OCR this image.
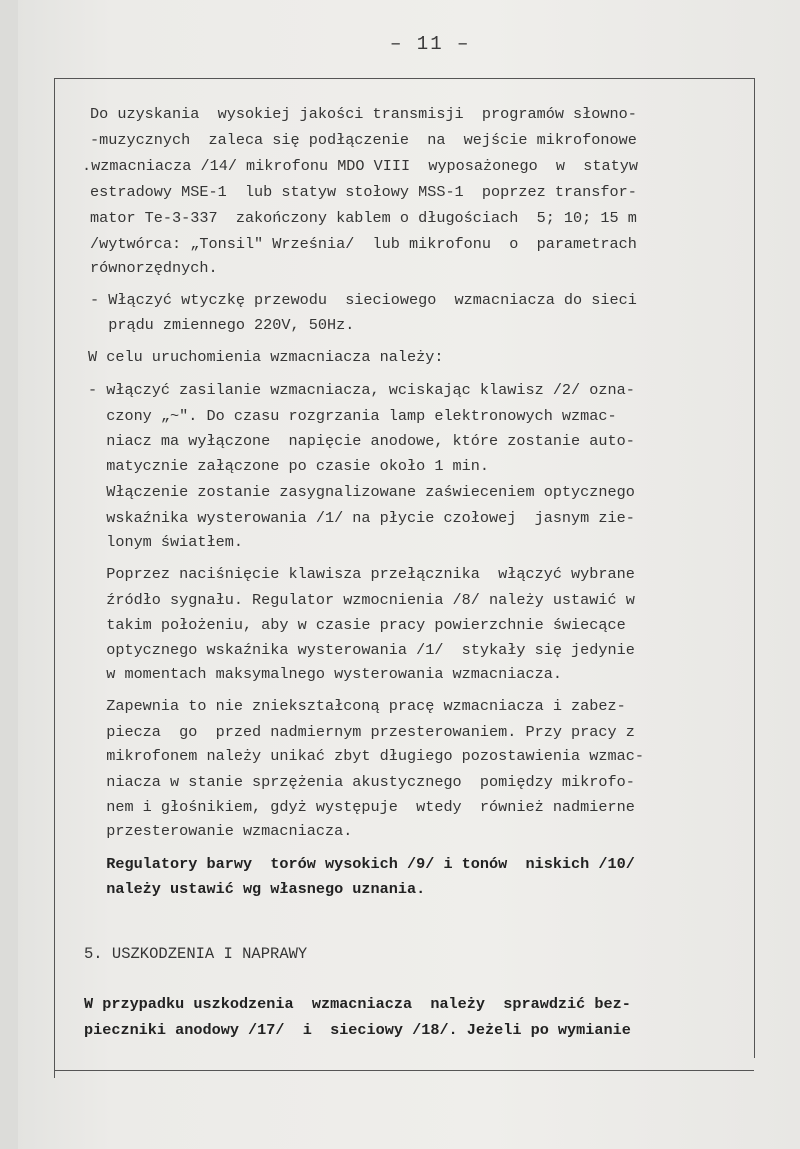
– 11 –
Do uzyskania  wysokiej jakości transmisji  programów słowno-
-muzycznych  zaleca się podłączenie  na  wejście mikrofonowe
.wzmacniacza /14/ mikrofonu MDO VIII  wyposażonego  w  statyw
estradowy MSE-1  lub statyw stołowy MSS-1  poprzez transfor-
mator Te-3-337  zakończony kablem o długościach  5; 10; 15 m
/wytwórca: „Tonsil" Września/  lub mikrofonu  o  parametrach
równorzędnych.
- Włączyć wtyczkę przewodu  sieciowego  wzmacniacza do sieci
prądu zmiennego 220V, 50Hz.
W celu uruchomienia wzmacniacza należy:
- włączyć zasilanie wzmacniacza, wciskając klawisz /2/ ozna-
czony „~". Do czasu rozgrzania lamp elektronowych wzmac-
niacz ma wyłączone  napięcie anodowe, które zostanie auto-
matycznie załączone po czasie około 1 min.
Włączenie zostanie zasygnalizowane zaświeceniem optycznego
wskaźnika wysterowania /1/ na płycie czołowej  jasnym zie-
lonym światłem.
Poprzez naciśnięcie klawisza przełącznika  włączyć wybrane
źródło sygnału. Regulator wzmocnienia /8/ należy ustawić w
takim położeniu, aby w czasie pracy powierzchnie świecące
optycznego wskaźnika wysterowania /1/  stykały się jedynie
w momentach maksymalnego wysterowania wzmacniacza.
Zapewnia to nie zniekształconą pracę wzmacniacza i zabez-
piecza  go  przed nadmiernym przesterowaniem. Przy pracy z
mikrofonem należy unikać zbyt długiego pozostawienia wzmac-
niacza w stanie sprzężenia akustycznego  pomiędzy mikrofo-
nem i głośnikiem, gdyż występuje  wtedy  również nadmierne
przesterowanie wzmacniacza.
Regulatory barwy  torów wysokich /9/ i tonów  niskich /10/
należy ustawić wg własnego uznania.
5. USZKODZENIA I NAPRAWY
W przypadku uszkodzenia  wzmacniacza  należy  sprawdzić bez-
pieczniki anodowy /17/  i  sieciowy /18/. Jeżeli po wymianie
